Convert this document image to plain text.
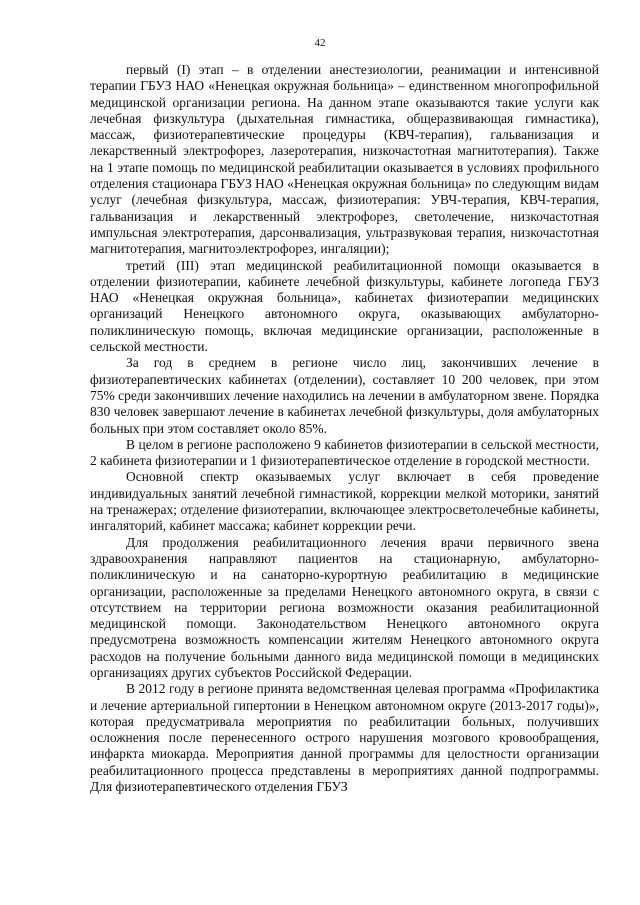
42

первый (I) этап – в отделении анестезиологии, реанимации и интенсивной терапии ГБУЗ НАО «Ненецкая окружная больница» – единственном многопрофильной медицинской организации региона. На данном этапе оказываются такие услуги как лечебная физкультура (дыхательная гимнастика, общеразвивающая гимнастика), массаж, физиотерапевтические процедуры (КВЧ-терапия), гальванизация и лекарственный электрофорез, лазеротерапия, низкочастотная магнитотерапия). Также на 1 этапе помощь по медицинской реабилитации оказывается в условиях профильного отделения стационара ГБУЗ НАО «Ненецкая окружная больница» по следующим видам услуг (лечебная физкультура, массаж, физиотерапия: УВЧ-терапия, КВЧ-терапия, гальванизация и лекарственный электрофорез, светолечение, низкочастотная импульсная электротерапия, дарсонвализация, ультразвуковая терапия, низкочастотная магнитотерапия, магнитоэлектрофорез, ингаляции);

третий (III) этап медицинской реабилитационной помощи оказывается в отделении физиотерапии, кабинете лечебной физкультуры, кабинете логопеда ГБУЗ НАО «Ненецкая окружная больница», кабинетах физиотерапии медицинских организаций Ненецкого автономного округа, оказывающих амбулаторно-поликлиническую помощь, включая медицинские организации, расположенные в сельской местности.

За год в среднем в регионе число лиц, закончивших лечение в физиотерапевтических кабинетах (отделении), составляет 10 200 человек, при этом 75% среди закончивших лечение находились на лечении в амбулаторном звене. Порядка 830 человек завершают лечение в кабинетах лечебной физкультуры, доля амбулаторных больных при этом составляет около 85%.

В целом в регионе расположено 9 кабинетов физиотерапии в сельской местности, 2 кабинета физиотерапии и 1 физиотерапевтическое отделение в городской местности.

Основной спектр оказываемых услуг включает в себя проведение индивидуальных занятий лечебной гимнастикой, коррекции мелкой моторики, занятий на тренажерах; отделение физиотерапии, включающее электросветолечебные кабинеты, ингаляторий, кабинет массажа; кабинет коррекции речи.

Для продолжения реабилитационного лечения врачи первичного звена здравоохранения направляют пациентов на стационарную, амбулаторно-поликлиническую и на санаторно-курортную реабилитацию в медицинские организации, расположенные за пределами Ненецкого автономного округа, в связи с отсутствием на территории региона возможности оказания реабилитационной медицинской помощи. Законодательством Ненецкого автономного округа предусмотрена возможность компенсации жителям Ненецкого автономного округа расходов на получение больными данного вида медицинской помощи в медицинских организациях других субъектов Российской Федерации.

В 2012 году в регионе принята ведомственная целевая программа «Профилактика и лечение артериальной гипертонии в Ненецком автономном округе (2013-2017 годы)», которая предусматривала мероприятия по реабилитации больных, получивших осложнения после перенесенного острого нарушения мозгового кровообращения, инфаркта миокарда. Мероприятия данной программы для целостности организации реабилитационного процесса представлены в мероприятиях данной подпрограммы. Для физиотерапевтического отделения ГБУЗ
